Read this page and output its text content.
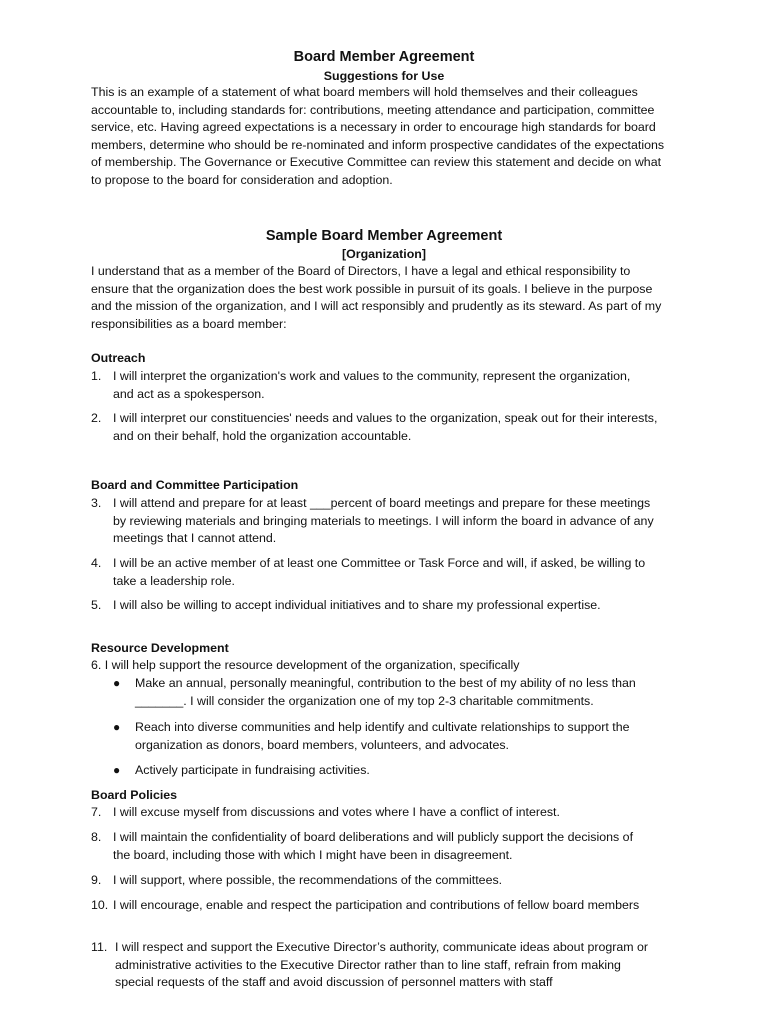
Board Member Agreement
Suggestions for Use
This is an example of a statement of what board members will hold themselves and their colleagues
accountable to, including standards for: contributions, meeting attendance and participation, committee
service, etc. Having agreed expectations is a necessary in order to encourage high standards for board
members, determine who should be re-nominated and inform prospective candidates of the expectations
of membership. The Governance or Executive Committee can review this statement and decide on what
to propose to the board for consideration and adoption.
Sample Board Member Agreement
[Organization]
I understand that as a member of the Board of Directors, I have a legal and ethical responsibility to
ensure that the organization does the best work possible in pursuit of its goals. I believe in the purpose
and the mission of the organization, and I will act responsibly and prudently as its steward. As part of my
responsibilities as a board member:
Outreach
1. I will interpret the organization's work and values to the community, represent the organization,
and act as a spokesperson.
2. I will interpret our constituencies' needs and values to the organization, speak out for their interests,
and on their behalf, hold the organization accountable.
Board and Committee Participation
3. I will attend and prepare for at least ___percent of board meetings and prepare for these meetings
by reviewing materials and bringing materials to meetings. I will inform the board in advance of any
meetings that I cannot attend.
4. I will be an active member of at least one Committee or Task Force and will, if asked, be willing to
take a leadership role.
5. I will also be willing to accept individual initiatives and to share my professional expertise.
Resource Development
6. I will help support the resource development of the organization, specifically
● Make an annual, personally meaningful, contribution to the best of my ability of no less than
_______. I will consider the organization one of my top 2-3 charitable commitments.
● Reach into diverse communities and help identify and cultivate relationships to support the
organization as donors, board members, volunteers, and advocates.
● Actively participate in fundraising activities.
Board Policies
7. I will excuse myself from discussions and votes where I have a conflict of interest.
8. I will maintain the confidentiality of board deliberations and will publicly support the decisions of
the board, including those with which I might have been in disagreement.
9. I will support, where possible, the recommendations of the committees.
10. I will encourage, enable and respect the participation and contributions of fellow board members
11. I will respect and support the Executive Director’s authority, communicate ideas about program or
administrative activities to the Executive Director rather than to line staff, refrain from making
special requests of the staff and avoid discussion of personnel matters with staff
